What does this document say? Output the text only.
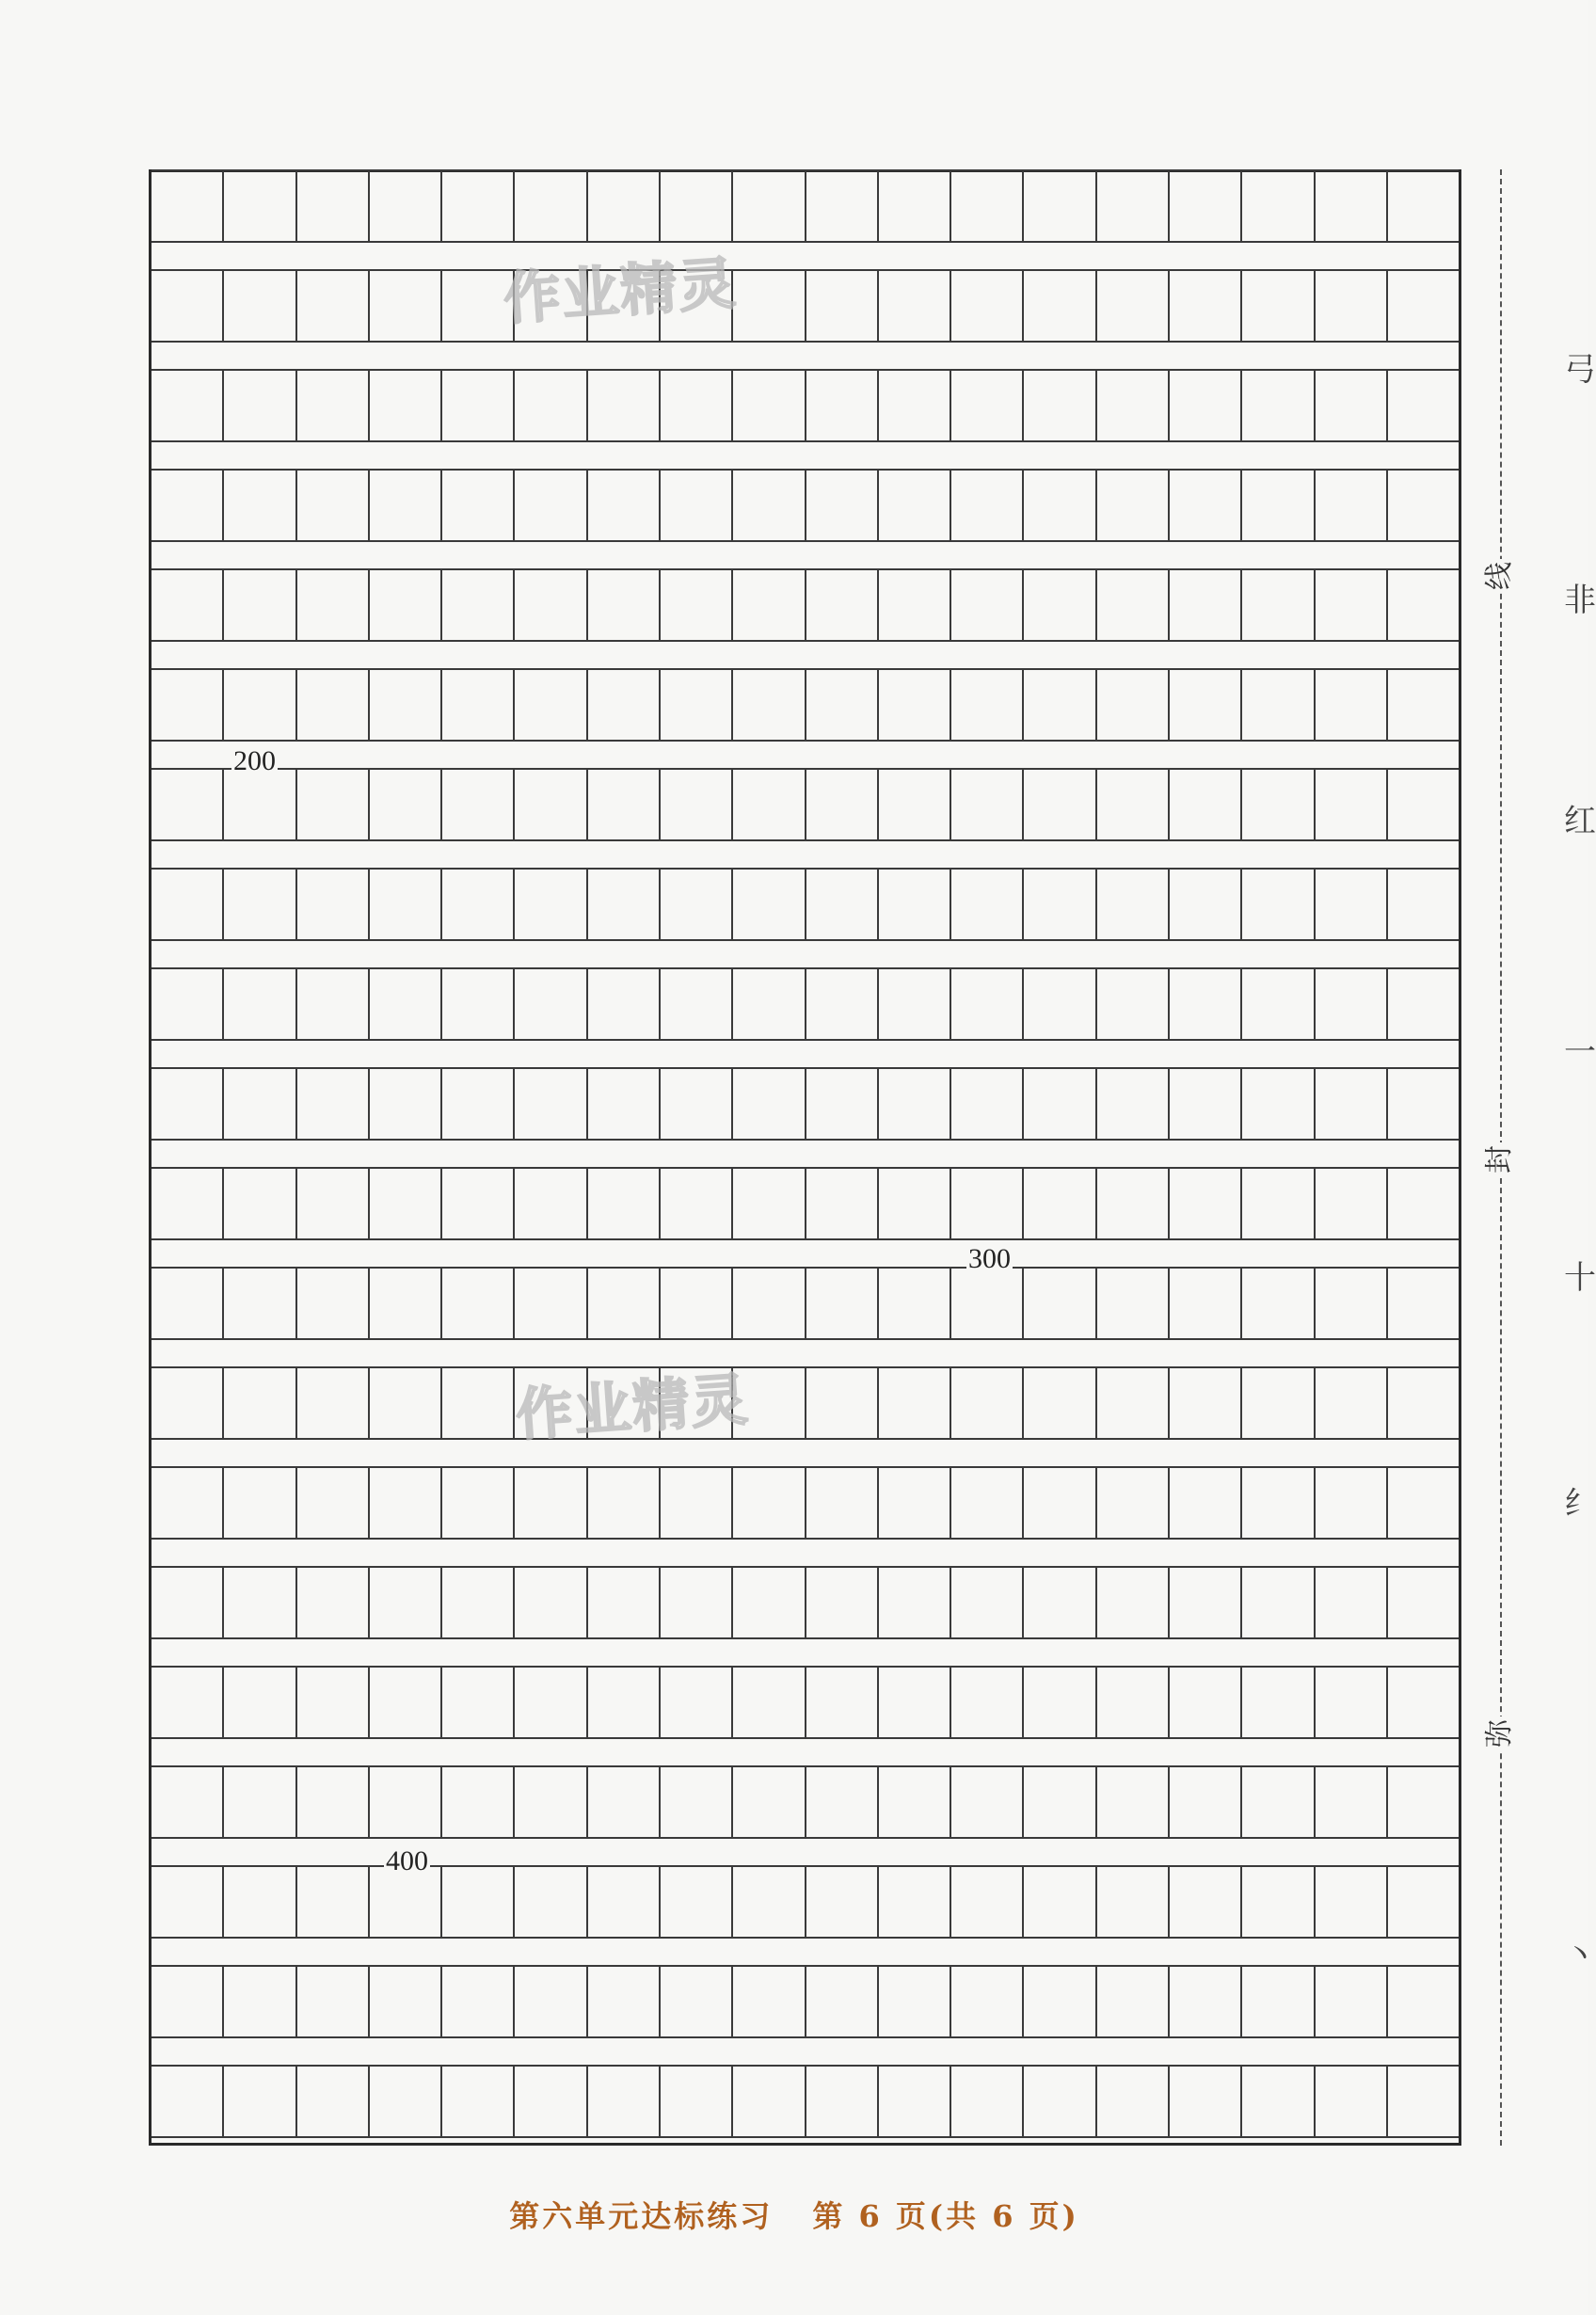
200
300
400
作业精灵
作业精灵
线
封
弥
弓
非
红
一
十
纟
丶
第六单元达标练习 第 6 页(共 6 页)
